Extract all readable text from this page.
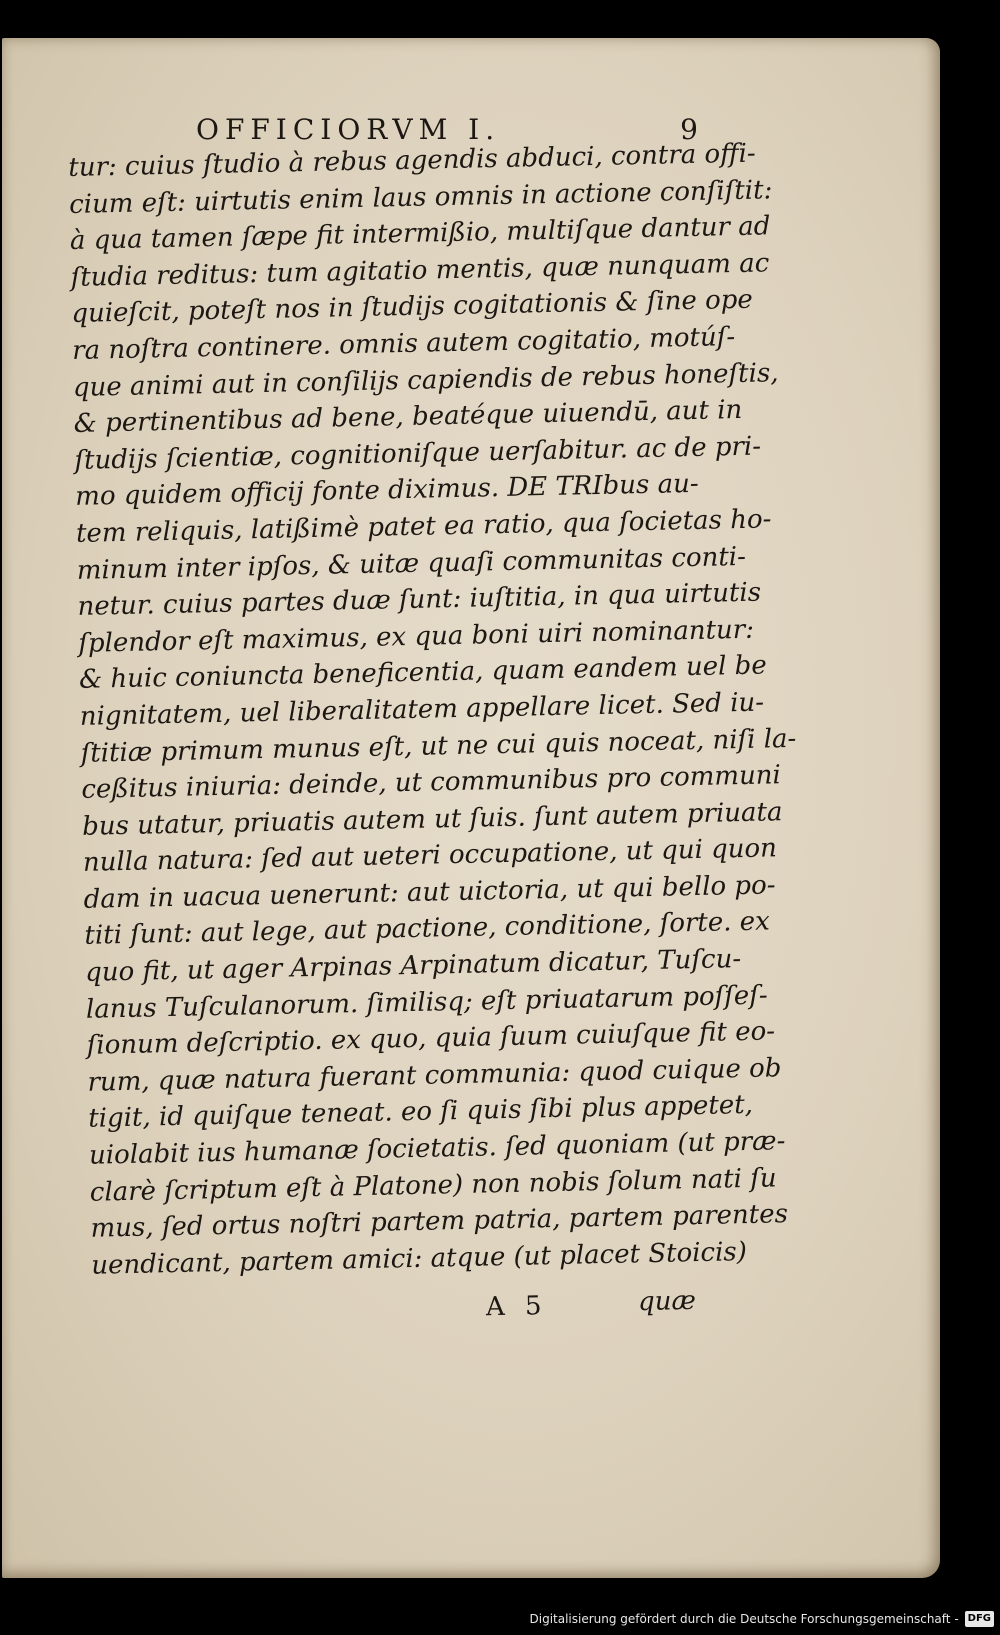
OFFICIORVM I.	9
tur: cuius ſtudio à rebus agendis abduci, contra offi-
cium eſt: uirtutis enim laus omnis in actione conſiſtit:
à qua tamen ſæpe fit intermißio, multiſque dantur ad
ſtudia reditus: tum agitatio mentis, quæ nunquam ac
quieſcit, poteſt nos in ſtudijs cogitationis & ſine ope
ra noſtra continere. omnis autem cogitatio, motúſ-
que animi aut in conſilijs capiendis de rebus honeſtis,
& pertinentibus ad bene, beatéque uiuendū, aut in
ſtudijs ſcientiæ, cognitioniſque uerſabitur. ac de pri-
mo quidem officij fonte diximus. DE TRIbus au-
tem reliquis, latißimè patet ea ratio, qua ſocietas ho-
minum inter ipſos, & uitæ quaſi communitas conti-
netur. cuius partes duæ ſunt: iuſtitia, in qua uirtutis
ſplendor eſt maximus, ex qua boni uiri nominantur:
& huic coniuncta beneficentia, quam eandem uel be
nignitatem, uel liberalitatem appellare licet. Sed iu-
ſtitiæ primum munus eſt, ut ne cui quis noceat, niſi la-
ceßitus iniuria: deinde, ut communibus pro communi
bus utatur, priuatis autem ut ſuis. ſunt autem priuata
nulla natura: ſed aut ueteri occupatione, ut qui quon
dam in uacua uenerunt: aut uictoria, ut qui bello po-
titi ſunt: aut lege, aut pactione, conditione, ſorte. ex
quo fit, ut ager Arpinas Arpinatum dicatur, Tuſcu-
lanus Tuſculanorum. ſimilisq; eſt priuatarum poſſeſ-
ſionum deſcriptio. ex quo, quia ſuum cuiuſque fit eo-
rum, quæ natura fuerant communia: quod cuique ob
tigit, id quiſque teneat. eo ſi quis ſibi plus appetet,
uiolabit ius humanæ ſocietatis. ſed quoniam (ut præ-
clarè ſcriptum eſt à Platone) non nobis ſolum nati ſu
mus, ſed ortus noſtri partem patria, partem parentes
uendicant, partem amici: atque (ut placet Stoicis)
A 5	quæ
Digitalisierung gefördert durch die Deutsche Forschungsgemeinschaft - DFG
